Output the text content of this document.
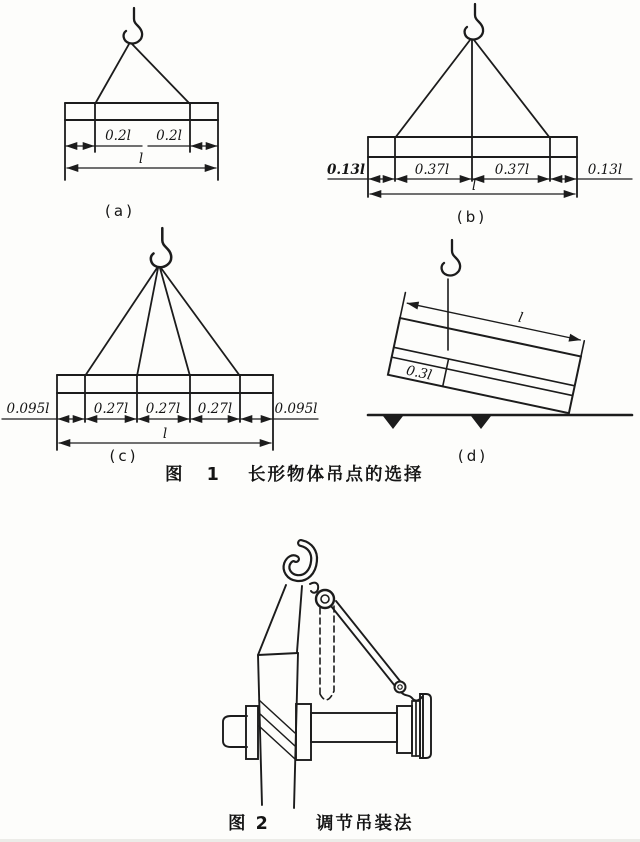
0.2l 0.2l
l
(a)
0.13l	0.37l	0.37l	0.13l
l
(b)
0.095l	0.27l 0.27l 0.27l	0.095l
l
(c)
l
0.3l
(d)
图 1 长形物体吊点的选择
图 2	调节吊装法
